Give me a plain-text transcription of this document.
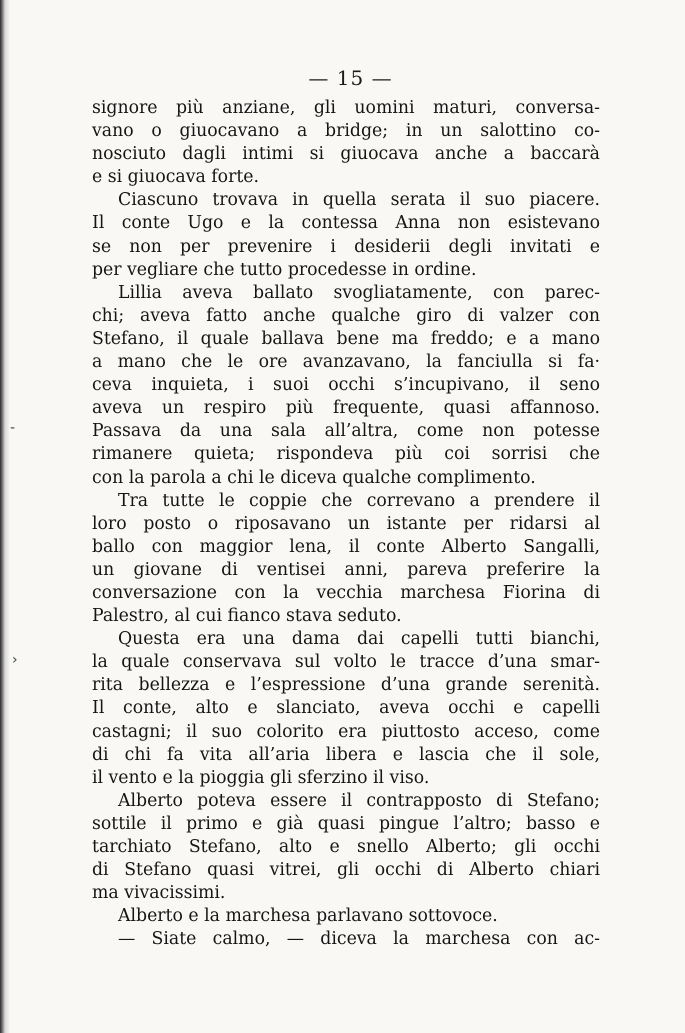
— 15 —
signore più anziane, gli uomini maturi, conversa-
vano o giuocavano a bridge; in un salottino co-
nosciuto dagli intimi si giuocava anche a baccarà
e si giuocava forte.
Ciascuno trovava in quella serata il suo piacere.
Il conte Ugo e la contessa Anna non esistevano
se non per prevenire i desiderii degli invitati e
per vegliare che tutto procedesse in ordine.
Lillia aveva ballato svogliatamente, con parec-
chi; aveva fatto anche qualche giro di valzer con
Stefano, il quale ballava bene ma freddo; e a mano
a mano che le ore avanzavano, la fanciulla si fa·
ceva inquieta, i suoi occhi s’incupivano, il seno
aveva un respiro più frequente, quasi affannoso.
Passava da una sala all’altra, come non potesse
rimanere quieta; rispondeva più coi sorrisi che
con la parola a chi le diceva qualche complimento.
Tra tutte le coppie che correvano a prendere il
loro posto o riposavano un istante per ridarsi al
ballo con maggior lena, il conte Alberto Sangalli,
un giovane di ventisei anni, pareva preferire la
conversazione con la vecchia marchesa Fiorina di
Palestro, al cui fianco stava seduto.
Questa era una dama dai capelli tutti bianchi,
la quale conservava sul volto le tracce d’una smar-
rita bellezza e l’espressione d’una grande serenità.
Il conte, alto e slanciato, aveva occhi e capelli
castagni; il suo colorito era piuttosto acceso, come
di chi fa vita all’aria libera e lascia che il sole,
il vento e la pioggia gli sferzino il viso.
Alberto poteva essere il contrapposto di Stefano;
sottile il primo e già quasi pingue l’altro; basso e
tarchiato Stefano, alto e snello Alberto; gli occhi
di Stefano quasi vitrei, gli occhi di Alberto chiari
ma vivacissimi.
Alberto e la marchesa parlavano sottovoce.
— Siate calmo, — diceva la marchesa con ac-
‑
›
